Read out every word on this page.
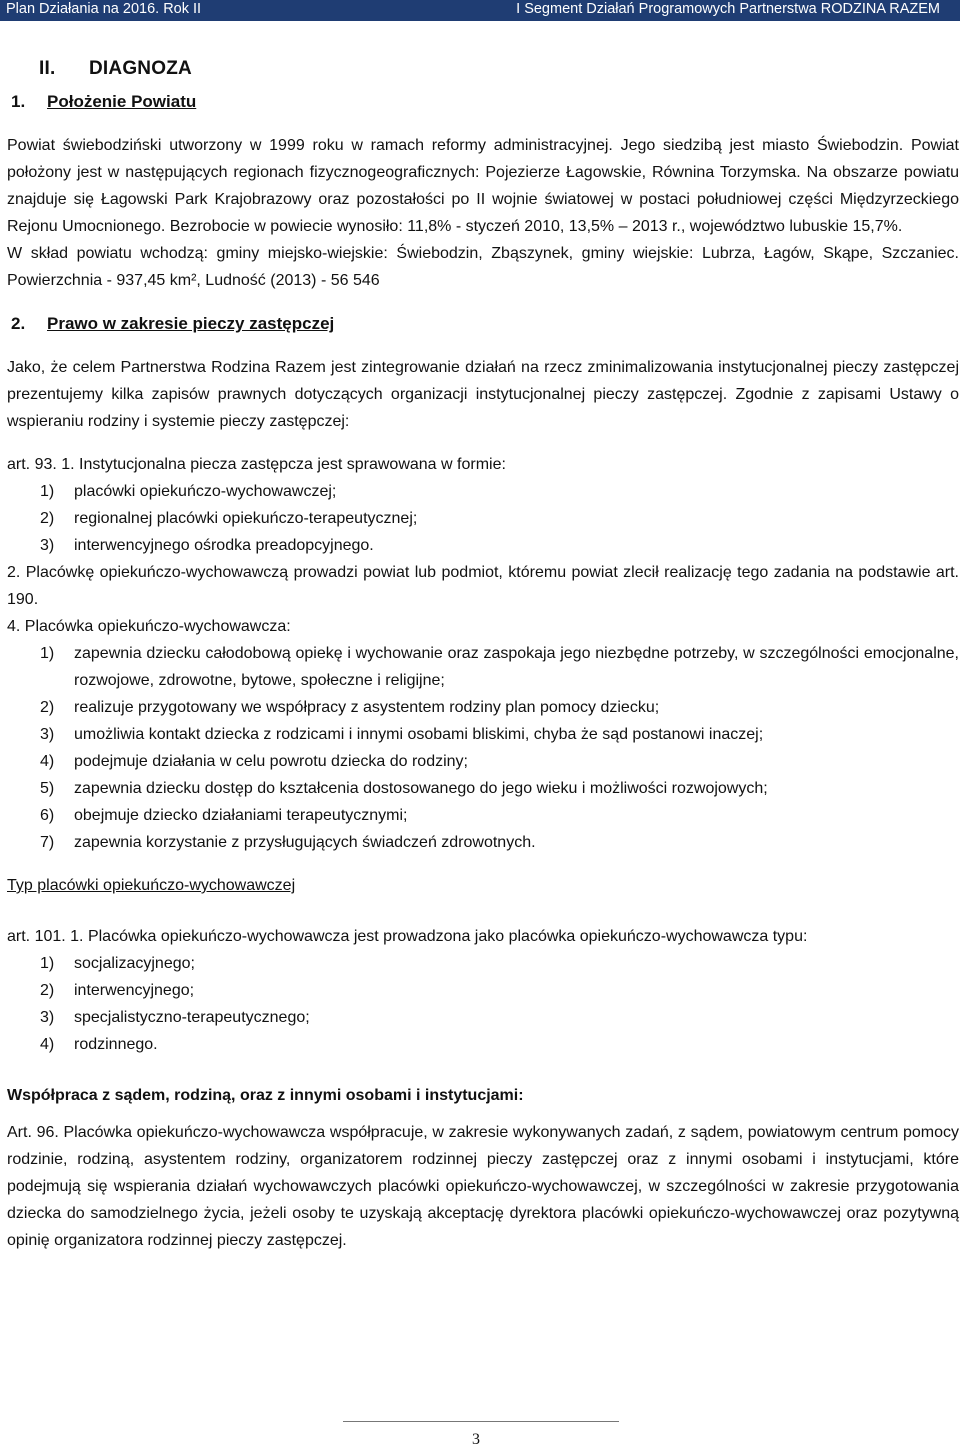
Plan Działania na 2016. Rok II	I Segment Działań Programowych Partnerstwa RODZINA RAZEM
II. DIAGNOZA
1. Położenie Powiatu

Powiat świebodziński utworzony w 1999 roku w ramach reformy administracyjnej. Jego siedzibą jest miasto Świebodzin. Powiat położony jest w następujących regionach fizycznogeograficznych: Pojezierze Łagowskie, Równina Torzymska. Na obszarze powiatu znajduje się Łagowski Park Krajobrazowy oraz pozostałości po II wojnie światowej w postaci południowej części Międzyrzeckiego Rejonu Umocnionego. Bezrobocie w powiecie wynosiło: 11,8% - styczeń 2010, 13,5% – 2013 r., województwo lubuskie 15,7%.

W skład powiatu wchodzą: gminy miejsko-wiejskie: Świebodzin, Zbąszynek, gminy wiejskie: Lubrza, Łagów, Skąpe, Szczaniec. Powierzchnia - 937,45 km², Ludność (2013) - 56 546

2. Prawo w zakresie pieczy zastępczej

Jako, że celem Partnerstwa Rodzina Razem jest zintegrowanie działań na rzecz zminimalizowania instytucjonalnej pieczy zastępczej prezentujemy kilka zapisów prawnych dotyczących organizacji instytucjonalnej pieczy zastępczej. Zgodnie z zapisami Ustawy o wspieraniu rodziny i systemie pieczy zastępczej:

art. 93. 1. Instytucjonalna piecza zastępcza jest sprawowana w formie:

1) placówki opiekuńczo-wychowawczej;
2) regionalnej placówki opiekuńczo-terapeutycznej;
3) interwencyjnego ośrodka preadopcyjnego.

2. Placówkę opiekuńczo-wychowawczą prowadzi powiat lub podmiot, któremu powiat zlecił realizację tego zadania na podstawie art. 190.

4. Placówka opiekuńczo-wychowawcza:

1) zapewnia dziecku całodobową opiekę i wychowanie oraz zaspokaja jego niezbędne potrzeby, w szczególności emocjonalne, rozwojowe, zdrowotne, bytowe, społeczne i religijne;
2) realizuje przygotowany we współpracy z asystentem rodziny plan pomocy dziecku;
3) umożliwia kontakt dziecka z rodzicami i innymi osobami bliskimi, chyba że sąd postanowi inaczej;
4) podejmuje działania w celu powrotu dziecka do rodziny;
5) zapewnia dziecku dostęp do kształcenia dostosowanego do jego wieku i możliwości rozwojowych;
6) obejmuje dziecko działaniami terapeutycznymi;
7) zapewnia korzystanie z przysługujących świadczeń zdrowotnych.

Typ placówki opiekuńczo-wychowawczej

art. 101. 1. Placówka opiekuńczo-wychowawcza jest prowadzona jako placówka opiekuńczo-wychowawcza typu:

1) socjalizacyjnego;
2) interwencyjnego;
3) specjalistyczno-terapeutycznego;
4) rodzinnego.

Współpraca z sądem, rodziną, oraz z innymi osobami i instytucjami:

Art. 96. Placówka opiekuńczo-wychowawcza współpracuje, w zakresie wykonywanych zadań, z sądem, powiatowym centrum pomocy rodzinie, rodziną, asystentem rodziny, organizatorem rodzinnej pieczy zastępczej oraz z innymi osobami i instytucjami, które podejmują się wspierania działań wychowawczych placówki opiekuńczo-wychowawczej, w szczególności w zakresie przygotowania dziecka do samodzielnego życia, jeżeli osoby te uzyskają akceptację dyrektora placówki opiekuńczo-wychowawczej oraz pozytywną opinię organizatora rodzinnej pieczy zastępczej.

3
